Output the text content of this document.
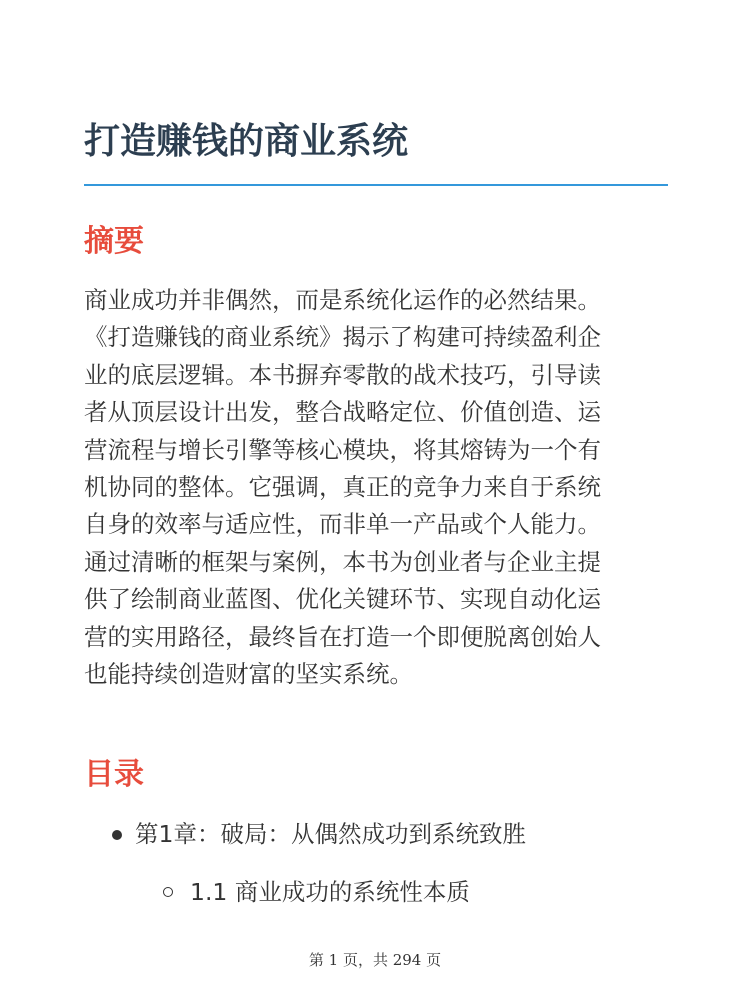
打造赚钱的商业系统
摘要

商业成功并非偶然，而是系统化运作的必然结果。
《打造赚钱的商业系统》揭示了构建可持续盈利企
业的底层逻辑。本书摒弃零散的战术技巧，引导读
者从顶层设计出发，整合战略定位、价值创造、运
营流程与增长引擎等核心模块，将其熔铸为一个有
机协同的整体。它强调，真正的竞争力来自于系统
自身的效率与适应性，而非单一产品或个人能力。
通过清晰的框架与案例，本书为创业者与企业主提
供了绘制商业蓝图、优化关键环节、实现自动化运
营的实用路径，最终旨在打造一个即便脱离创始人
也能持续创造财富的坚实系统。

目录
第1章：破局：从偶然成功到系统致胜
1.1 商业成功的系统性本质
第 1 页，共 294 页
